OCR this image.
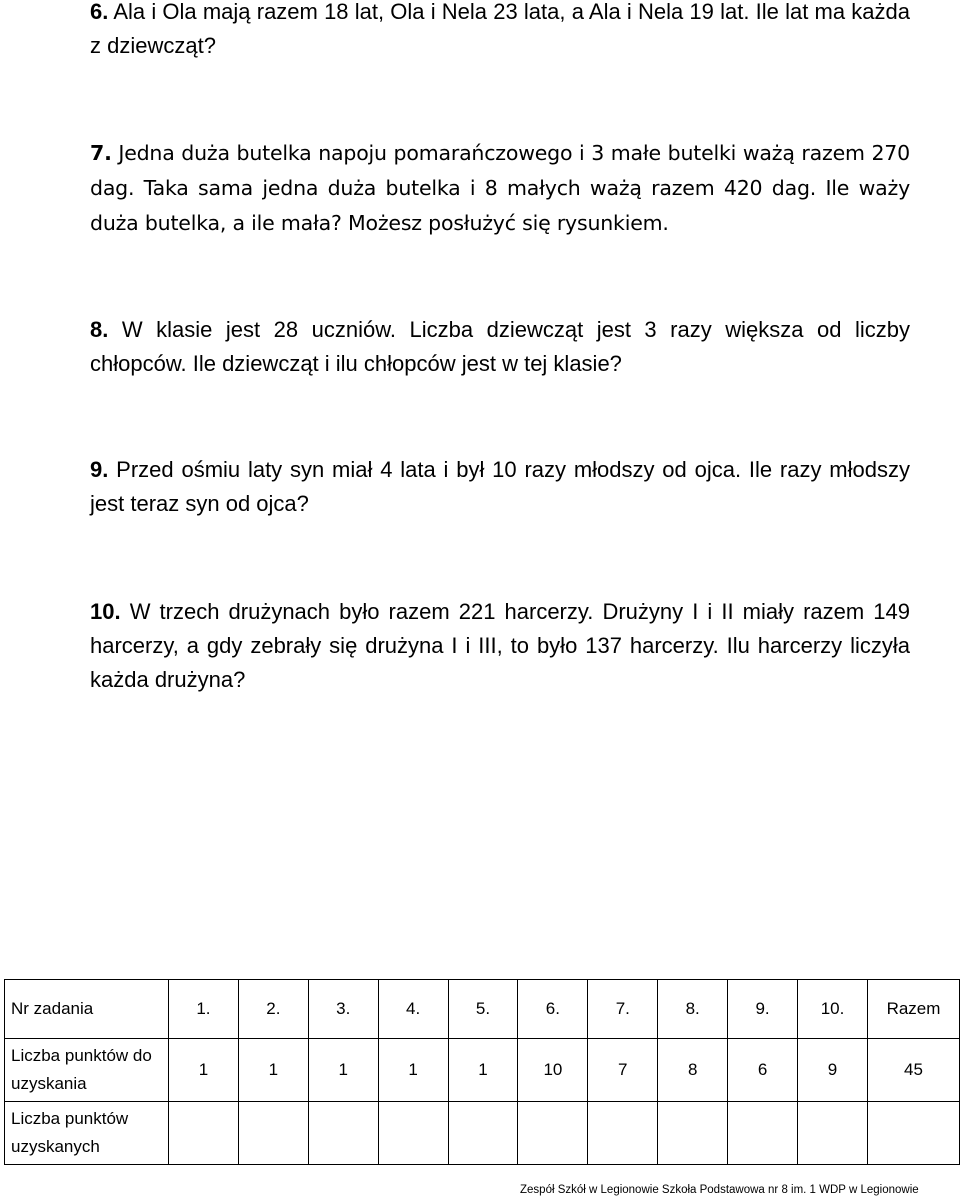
6. Ala i Ola mają razem 18 lat, Ola i Nela 23 lata, a Ala i Nela 19 lat. Ile lat ma każda z dziewcząt?
7. Jedna duża butelka napoju pomarańczowego i 3 małe butelki ważą razem 270 dag. Taka sama jedna duża butelka i 8 małych ważą razem 420 dag. Ile waży duża butelka, a ile mała? Możesz posłużyć się rysunkiem.
8. W klasie jest 28 uczniów. Liczba dziewcząt jest 3 razy większa od liczby chłopców. Ile dziewcząt i ilu chłopców jest w tej klasie?
9. Przed ośmiu laty syn miał 4 lata i był 10 razy młodszy od ojca. Ile razy młodszy jest teraz syn od ojca?
10. W trzech drużynach było razem 221 harcerzy. Drużyny I i II miały razem 149 harcerzy, a gdy zebrały się drużyna I i III, to było 137 harcerzy. Ilu harcerzy liczyła każda drużyna?
Nr zadania	1.	2.	3.	4.	5.	6.	7.	8.	9.	10.	Razem
Liczba punktów do uzyskania	1	1	1	1	1	10	7	8	6	9	45
Liczba punktów uzyskanych											
Zespół Szkół w Legionowie Szkoła Podstawowa nr 8 im. 1 WDP w Legionowie
